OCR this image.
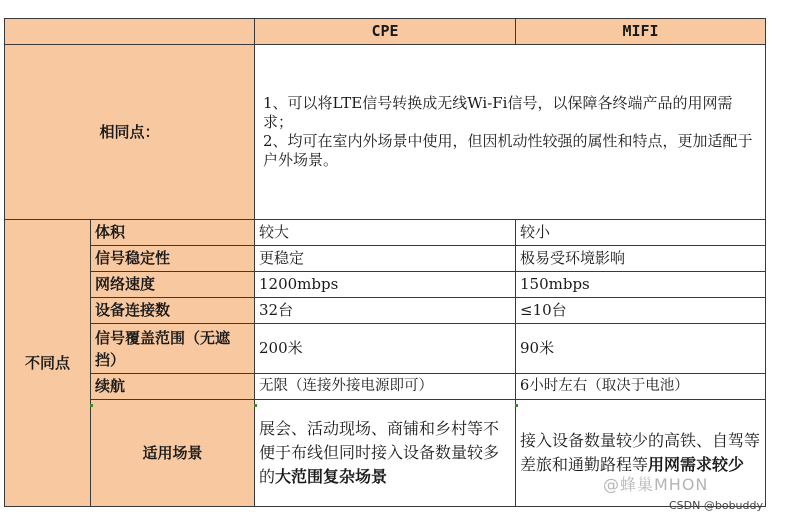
		CPE	MIFI
相同点：		1、可以将LTE信号转换成无线Wi-Fi信号，以保障各终端产品的用网需求；
2、均可在室内外场景中使用，但因机动性较强的属性和特点，更加适配于户外场景。	

不同点	体积	较大	较小
	信号稳定性	更稳定	极易受环境影响
	网络速度	1200mbps	150mbps
	设备连接数	32台	≤10台
	信号覆盖范围（无遮挡）	200米	90米
	续航	无限（连接外接电源即可）	6小时左右（取决于电池）
	适用场景	展会、活动现场、商铺和乡村等不便于布线但同时接入设备数量较多的大范围复杂场景	接入设备数量较少的高铁、自驾等差旅和通勤路程等用网需求较少
@蜂巢MHON
CSDN @bobuddy
